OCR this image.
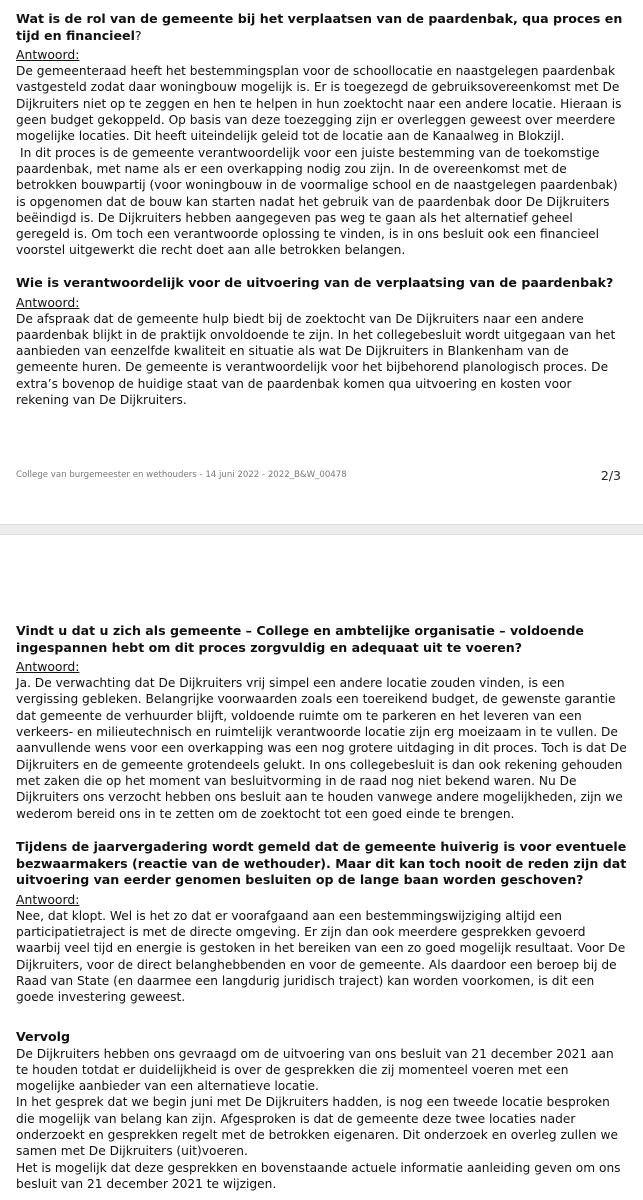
Wat is de rol van de gemeente bij het verplaatsen van de paardenbak, qua proces en tijd en financieel?

Antwoord:

De gemeenteraad heeft het bestemmingsplan voor de schoollocatie en naastgelegen paardenbak vastgesteld zodat daar woningbouw mogelijk is. Er is toegezegd de gebruiksovereenkomst met De Dijkruiters niet op te zeggen en hen te helpen in hun zoektocht naar een andere locatie. Hieraan is geen budget gekoppeld. Op basis van deze toezegging zijn er overleggen geweest over meerdere mogelijke locaties. Dit heeft uiteindelijk geleid tot de locatie aan de Kanaalweg in Blokzijl.

In dit proces is de gemeente verantwoordelijk voor een juiste bestemming van de toekomstige paardenbak, met name als er een overkapping nodig zou zijn. In de overeenkomst met de betrokken bouwpartij (voor woningbouw in de voormalige school en de naastgelegen paardenbak) is opgenomen dat de bouw kan starten nadat het gebruik van de paardenbak door De Dijkruiters beëindigd is. De Dijkruiters hebben aangegeven pas weg te gaan als het alternatief geheel geregeld is. Om toch een verantwoorde oplossing te vinden, is in ons besluit ook een financieel voorstel uitgewerkt die recht doet aan alle betrokken belangen.

Wie is verantwoordelijk voor de uitvoering van de verplaatsing van de paardenbak?

Antwoord:

De afspraak dat de gemeente hulp biedt bij de zoektocht van De Dijkruiters naar een andere paardenbak blijkt in de praktijk onvoldoende te zijn. In het collegebesluit wordt uitgegaan van het aanbieden van eenzelfde kwaliteit en situatie als wat De Dijkruiters in Blankenham van de gemeente huren. De gemeente is verantwoordelijk voor het bijbehorend planologisch proces. De extra’s bovenop de huidige staat van de paardenbak komen qua uitvoering en kosten voor rekening van De Dijkruiters.

College van burgemeester en wethouders - 14 juni 2022 - 2022_B&W_00478	2/3

Vindt u dat u zich als gemeente – College en ambtelijke organisatie – voldoende ingespannen hebt om dit proces zorgvuldig en adequaat uit te voeren?

Antwoord:

Ja. De verwachting dat De Dijkruiters vrij simpel een andere locatie zouden vinden, is een vergissing gebleken. Belangrijke voorwaarden zoals een toereikend budget, de gewenste garantie dat gemeente de verhuurder blijft, voldoende ruimte om te parkeren en het leveren van een verkeers- en milieutechnisch en ruimtelijk verantwoorde locatie zijn erg moeizaam in te vullen. De aanvullende wens voor een overkapping was een nog grotere uitdaging in dit proces. Toch is dat De Dijkruiters en de gemeente grotendeels gelukt. In ons collegebesluit is dan ook rekening gehouden met zaken die op het moment van besluitvorming in de raad nog niet bekend waren. Nu De Dijkruiters ons verzocht hebben ons besluit aan te houden vanwege andere mogelijkheden, zijn we wederom bereid ons in te zetten om de zoektocht tot een goed einde te brengen.

Tijdens de jaarvergadering wordt gemeld dat de gemeente huiverig is voor eventuele bezwaarmakers (reactie van de wethouder). Maar dit kan toch nooit de reden zijn dat uitvoering van eerder genomen besluiten op de lange baan worden geschoven?

Antwoord:

Nee, dat klopt. Wel is het zo dat er voorafgaand aan een bestemmingswijziging altijd een participatietraject is met de directe omgeving. Er zijn dan ook meerdere gesprekken gevoerd waarbij veel tijd en energie is gestoken in het bereiken van een zo goed mogelijk resultaat. Voor De Dijkruiters, voor de direct belanghebbenden en voor de gemeente. Als daardoor een beroep bij de Raad van State (en daarmee een langdurig juridisch traject) kan worden voorkomen, is dit een goede investering geweest.

Vervolg

De Dijkruiters hebben ons gevraagd om de uitvoering van ons besluit van 21 december 2021 aan te houden totdat er duidelijkheid is over de gesprekken die zij momenteel voeren met een mogelijke aanbieder van een alternatieve locatie.

In het gesprek dat we begin juni met De Dijkruiters hadden, is nog een tweede locatie besproken die mogelijk van belang kan zijn. Afgesproken is dat de gemeente deze twee locaties nader onderzoekt en gesprekken regelt met de betrokken eigenaren. Dit onderzoek en overleg zullen we samen met De Dijkruiters (uit)voeren.

Het is mogelijk dat deze gesprekken en bovenstaande actuele informatie aanleiding geven om ons besluit van 21 december 2021 te wijzigen.
